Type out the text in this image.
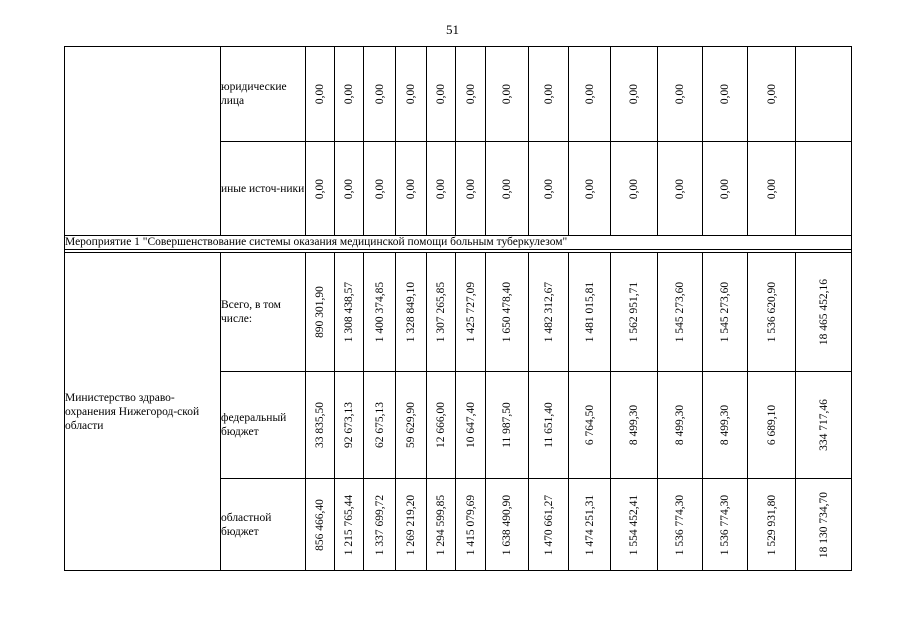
51
	юридические лица	0,00	0,00	0,00	0,00	0,00	0,00	0,00	0,00	0,00	0,00	0,00	0,00	0,00	

	иные источ-ники	0,00	0,00	0,00	0,00	0,00	0,00	0,00	0,00	0,00	0,00	0,00	0,00	0,00	

Мероприятие 1 "Совершенствование системы оказания медицинской помощи больным туберкулезом"															

Министерство здраво-охранения Нижегород-ской области	Всего, в том числе:	890 301,90	1 308 438,57	1 400 374,85	1 328 849,10	1 307 265,85	1 425 727,09	1 650 478,40	1 482 312,67	1 481 015,81	1 562 951,71	1 545 273,60	1 545 273,60	1 536 620,90	18 465 452,16

	федеральный бюджет	33 835,50	92 673,13	62 675,13	59 629,90	12 666,00	10 647,40	11 987,50	11 651,40	6 764,50	8 499,30	8 499,30	8 499,30	6 689,10	334 717,46

	областной бюджет	856 466,40	1 215 765,44	1 337 699,72	1 269 219,20	1 294 599,85	1 415 079,69	1 638 490,90	1 470 661,27	1 474 251,31	1 554 452,41	1 536 774,30	1 536 774,30	1 529 931,80	18 130 734,70
